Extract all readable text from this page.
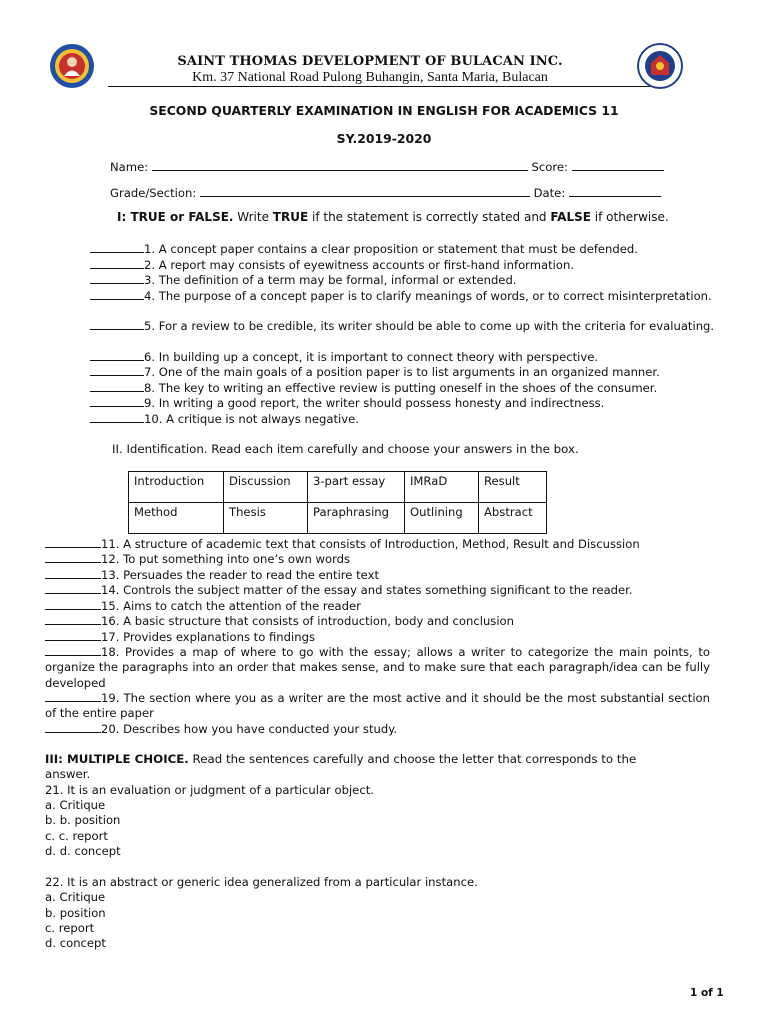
SAINT THOMAS DEVELOPMENT OF BULACAN INC.
Km. 37 National Road Pulong Buhangin, Santa Maria, Bulacan
SECOND QUARTERLY EXAMINATION IN ENGLISH FOR ACADEMICS 11
SY.2019-2020
Name:	Score:
Grade/Section:	Date:
I: TRUE or FALSE. Write TRUE if the statement is correctly stated and FALSE if otherwise.
1. A concept paper contains a clear proposition or statement that must be defended.
2. A report may consists of eyewitness accounts or first-hand information.
3. The definition of a term may be formal, informal or extended.
4. The purpose of a concept paper is to clarify meanings of words, or to correct misinterpretation.
5. For a review to be credible, its writer should be able to come up with the criteria for evaluating.
6. In building up a concept, it is important to connect theory with perspective.
7. One of the main goals of a position paper is to list arguments in an organized manner.
8. The key to writing an effective review is putting oneself in the shoes of the consumer.
9. In writing a good report, the writer should possess honesty and indirectness.
10. A critique is not always negative.
II. Identification. Read each item carefully and choose your answers in the box.
Introduction	Discussion	3-part essay	IMRaD	Result
Method	Thesis	Paraphrasing	Outlining	Abstract
11. A structure of academic text that consists of Introduction, Method, Result and Discussion
12. To put something into one’s own words
13. Persuades the reader to read the entire text
14. Controls the subject matter of the essay and states something significant to the reader.
15. Aims to catch the attention of the reader
16. A basic structure that consists of introduction, body and conclusion
17. Provides explanations to findings
18. Provides a map of where to go with the essay; allows a writer to categorize the main points, to organize the paragraphs into an order that makes sense, and to make sure that each paragraph/idea can be fully developed
19. The section where you as a writer are the most active and it should be the most substantial section of the entire paper
20. Describes how you have conducted your study.
III: MULTIPLE CHOICE. Read the sentences carefully and choose the letter that corresponds to the
answer.
21. It is an evaluation or judgment of a particular object.
a. Critique
b. b. position
c. c. report
d. d. concept
22. It is an abstract or generic idea generalized from a particular instance.
a. Critique
b. position
c. report
d. concept
1 of 1
